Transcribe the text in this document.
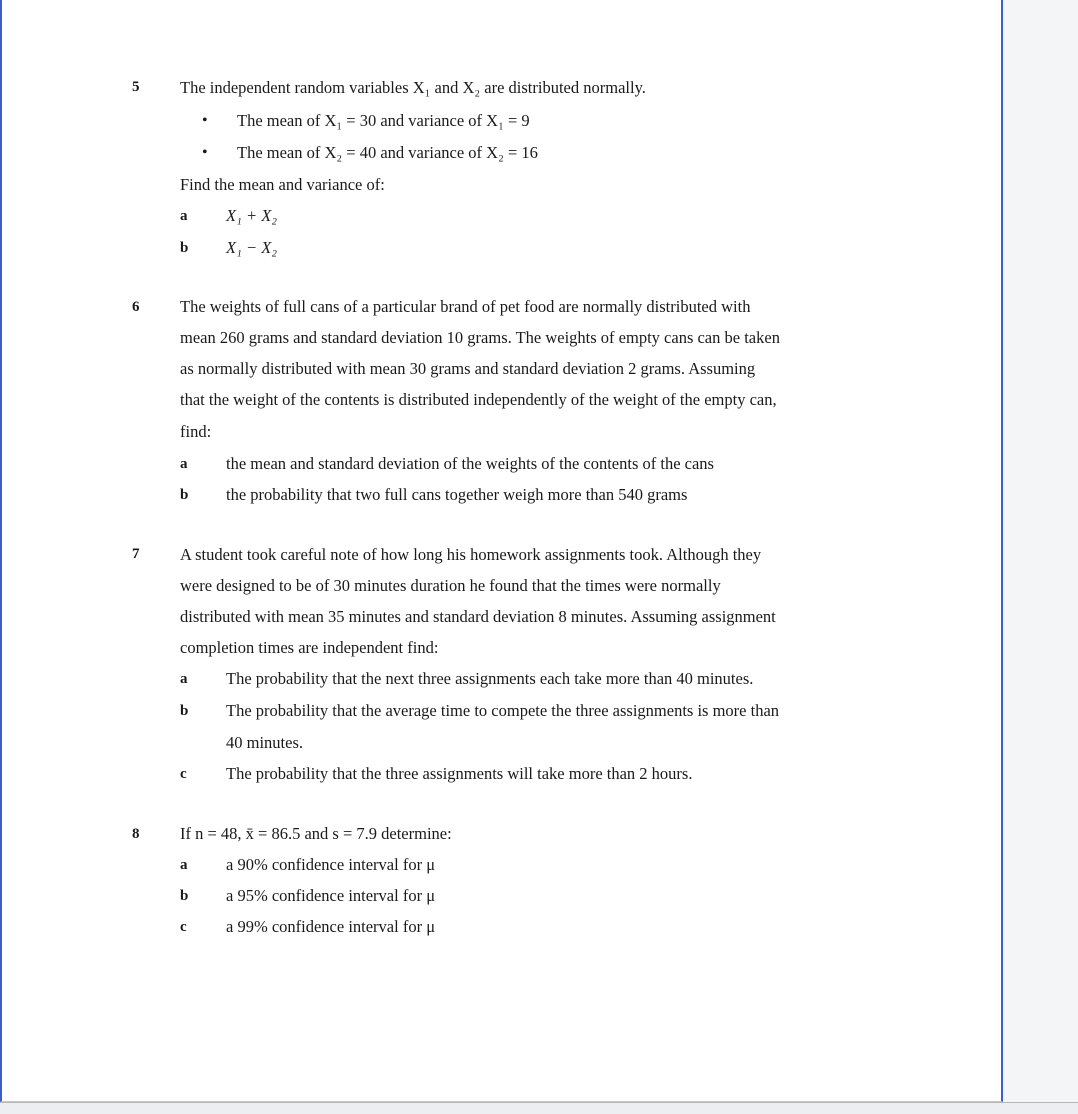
5 The independent random variables X₁ and X₂ are distributed normally.
• The mean of X₁ = 30 and variance of X₁ = 9
• The mean of X₂ = 40 and variance of X₂ = 16
Find the mean and variance of:
a X₁ + X₂
b X₁ − X₂
6 The weights of full cans of a particular brand of pet food are normally distributed with
mean 260 grams and standard deviation 10 grams. The weights of empty cans can be taken
as normally distributed with mean 30 grams and standard deviation 2 grams. Assuming
that the weight of the contents is distributed independently of the weight of the empty can,
find:
a the mean and standard deviation of the weights of the contents of the cans
b the probability that two full cans together weigh more than 540 grams
7 A student took careful note of how long his homework assignments took. Although they
were designed to be of 30 minutes duration he found that the times were normally
distributed with mean 35 minutes and standard deviation 8 minutes. Assuming assignment
completion times are independent find:
a The probability that the next three assignments each take more than 40 minutes.
b The probability that the average time to compete the three assignments is more than
40 minutes.
c The probability that the three assignments will take more than 2 hours.
8 If n = 48, x̄ = 86.5 and s = 7.9 determine:
a a 90% confidence interval for μ
b a 95% confidence interval for μ
c a 99% confidence interval for μ
